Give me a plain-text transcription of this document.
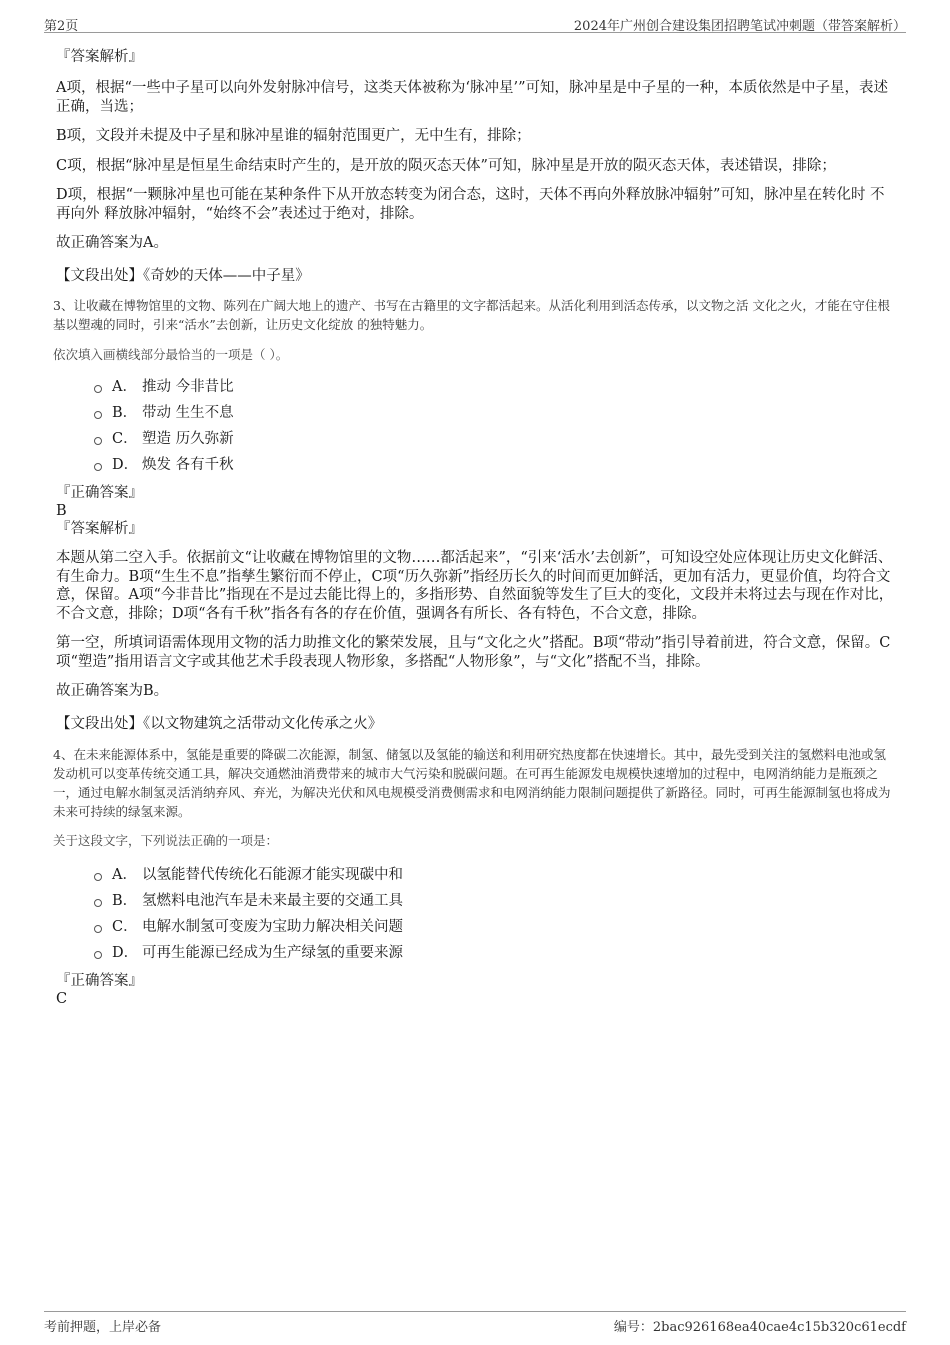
第2页	2024年广州创合建设集团招聘笔试冲刺题（带答案解析）
『答案解析』
A项，根据“一些中子星可以向外发射脉冲信号，这类天体被称为‘脉冲星’”可知，脉冲星是中子星的一种，本质依然是中子星，表述正确，当选；
B项，文段并未提及中子星和脉冲星谁的辐射范围更广，无中生有，排除；
C项，根据“脉冲星是恒星生命结束时产生的，是开放的陨灭态天体”可知，脉冲星是开放的陨灭态天体，表述错误，排除；
D项，根据“一颗脉冲星也可能在某种条件下从开放态转变为闭合态，这时，天体不再向外释放脉冲辐射”可知，脉冲星在转化时 不再向外 释放脉冲辐射，“始终不会”表述过于绝对，排除。
故正确答案为A。
【文段出处】《奇妙的天体——中子星》
3、让收藏在博物馆里的文物、陈列在广阔大地上的遗产、书写在古籍里的文字都活起来。从活化利用到活态传承，以文物之活 文化之火，才能在守住根基以塑魂的同时，引来“活水”去创新，让历史文化绽放 的独特魅力。
依次填入画横线部分最恰当的一项是（ ）。
A． 推动 今非昔比
B． 带动 生生不息
C． 塑造 历久弥新
D． 焕发 各有千秋
『正确答案』
B
『答案解析』
本题从第二空入手。依据前文“让收藏在博物馆里的文物……都活起来”，“引来‘活水’去创新”，可知设空处应体现让历史文化鲜活、有生命力。B项“生生不息”指孳生繁衍而不停止，C项“历久弥新”指经历长久的时间而更加鲜活，更加有活力，更显价值，均符合文意，保留。A项“今非昔比”指现在不是过去能比得上的，多指形势、自然面貌等发生了巨大的变化，文段并未将过去与现在作对比，不合文意，排除；D项“各有千秋”指各有各的存在价值，强调各有所长、各有特色，不合文意，排除。
第一空，所填词语需体现用文物的活力助推文化的繁荣发展，且与“文化之火”搭配。B项“带动”指引导着前进，符合文意，保留。C项“塑造”指用语言文字或其他艺术手段表现人物形象，多搭配“人物形象”，与“文化”搭配不当，排除。
故正确答案为B。
【文段出处】《以文物建筑之活带动文化传承之火》
4、在未来能源体系中，氢能是重要的降碳二次能源，制氢、储氢以及氢能的输送和利用研究热度都在快速增长。其中，最先受到关注的氢燃料电池或氢发动机可以变革传统交通工具，解决交通燃油消费带来的城市大气污染和脱碳问题。在可再生能源发电规模快速增加的过程中，电网消纳能力是瓶颈之一，通过电解水制氢灵活消纳弃风、弃光，为解决光伏和风电规模受消费侧需求和电网消纳能力限制问题提供了新路径。同时，可再生能源制氢也将成为未来可持续的绿氢来源。
关于这段文字，下列说法正确的一项是：
A． 以氢能替代传统化石能源才能实现碳中和
B． 氢燃料电池汽车是未来最主要的交通工具
C． 电解水制氢可变废为宝助力解决相关问题
D． 可再生能源已经成为生产绿氢的重要来源
『正确答案』
C
考前押题，上岸必备	编号：2bac926168ea40cae4c15b320c61ecdf
